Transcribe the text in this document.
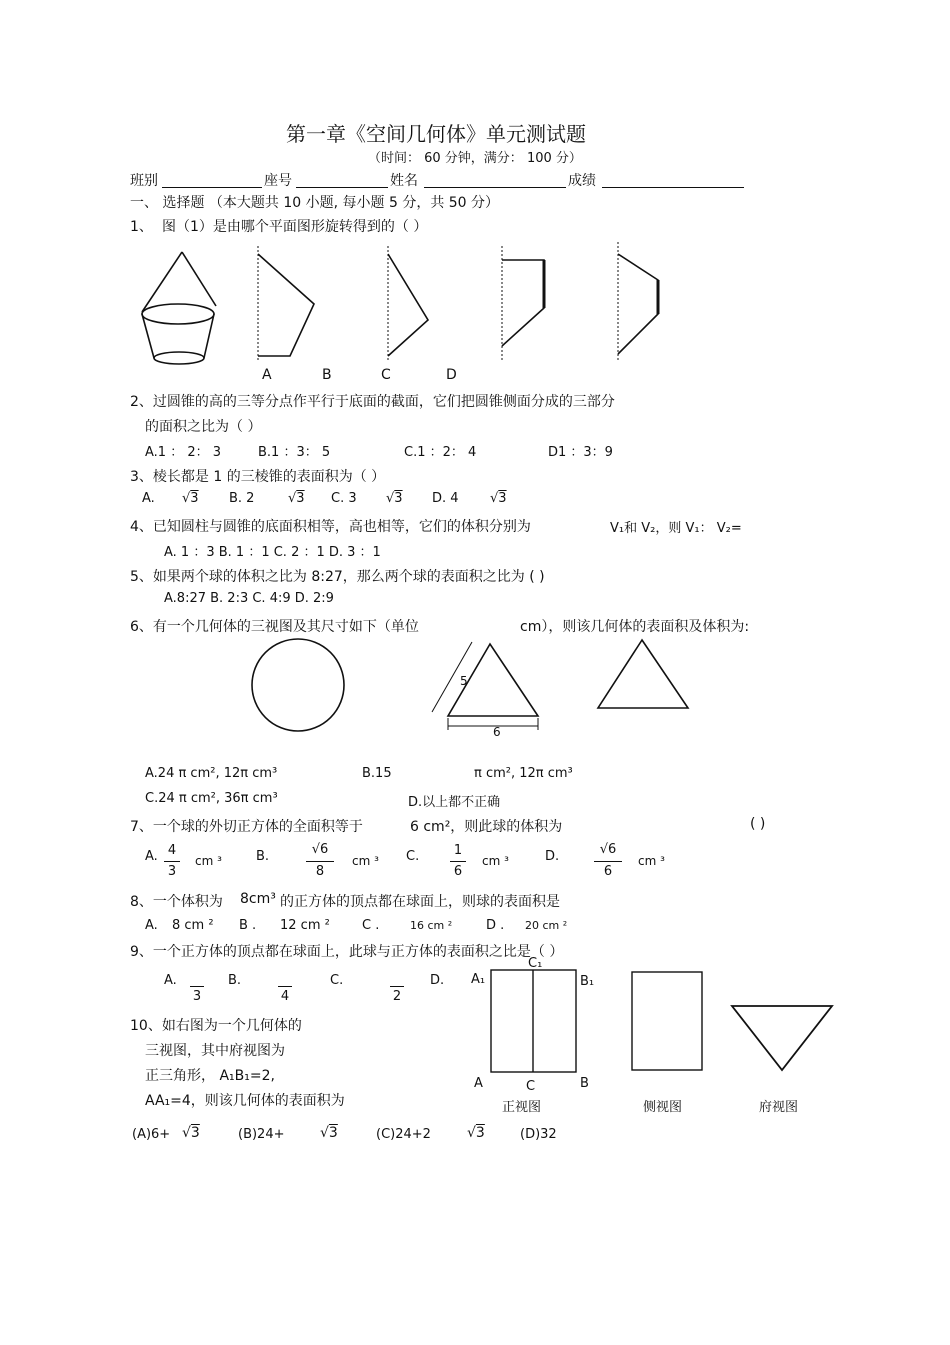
第一章《空间几何体》单元测试题
（时间： 60 分钟，满分： 100 分）
班别	座号	姓名	成绩
一、 选择题 （本大题共 10 小题, 每小题 5 分，共 50 分）
1、 图（1）是由哪个平面图形旋转得到的（ ）
A	B	C	D
2、过圆锥的高的三等分点作平行于底面的截面，它们把圆锥侧面分成的三部分
的面积之比为（ ）
A.1 ： 2： 3	B.1 ：3： 5	C.1 ：2： 4	D1 ：3：9
3、棱长都是 1 的三棱锥的表面积为（ ）
A. √3 B. 2	√3 C. 3 √3 D. 4 √3
4、已知圆柱与圆锥的底面积相等，高也相等，它们的体积分别为	V₁和 V₂，则 V₁： V₂=
A. 1 ：3 B. 1 ：1 C. 2 ：1 D. 3 ：1
5、如果两个球的体积之比为 8:27，那么两个球的表面积之比为 ( )
A.8:27 B. 2:3 C. 4:9 D. 2:9
6、有一个几何体的三视图及其尺寸如下（单位	cm），则该几何体的表面积及体积为:
5
6
A.24 π cm², 12π cm³	B.15	π cm², 12π cm³
C.24 π cm², 36π cm³	D.以上都不正确
7、一个球的外切正方体的全面积等于	6 cm²，则此球的体积为	( )
A. 4
3
cm ³	B.	√6
8
cm ³ C.	1
6
cm ³	D.	√6
6
cm ³
8、一个体积为 8cm³ 的正方体的顶点都在球面上，则球的表面积是
A. 8 cm ² B . 12 cm ² C .	16 cm ²	D . 20 cm ²
9、一个正方体的顶点都在球面上，此球与正方体的表面积之比是（ ）
A.
3
B.
4
C.
2
D.
10、如右图为一个几何体的
三视图，其中府视图为
正三角形， A₁B₁=2,
AA₁=4，则该几何体的表面积为
A₁
C₁
B₁
A	C	B
正视图	侧视图	府视图
(A)6+ √3	(B)24+	√3	(C)24+2	√3	(D)32
